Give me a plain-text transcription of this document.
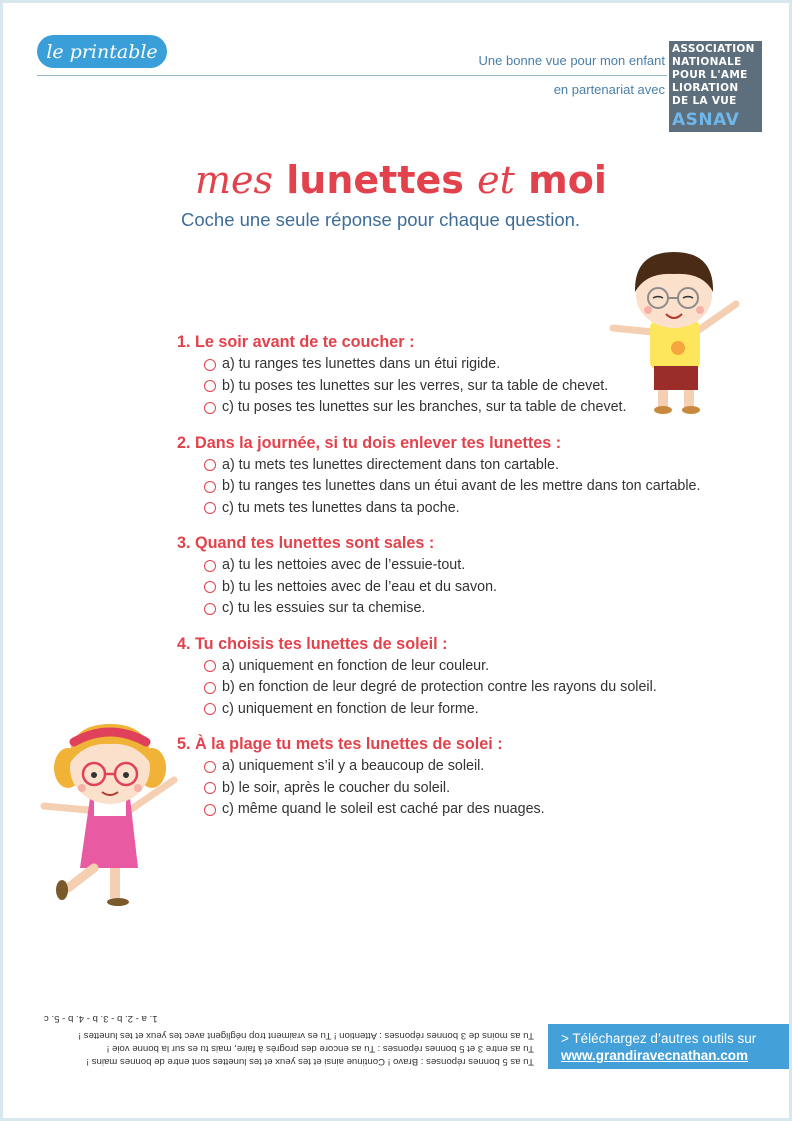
le printable	Une bonne vue pour mon enfant
en partenariat avec
ASSOCIATION
NATIONALE
POUR L'AME
LIORATION
DE LA VUE
ASNAV
mes lunettes et moi
Coche une seule réponse pour chaque question.
1. Le soir avant de te coucher :
a) tu ranges tes lunettes dans un étui rigide.
b) tu poses tes lunettes sur les verres, sur ta table de chevet.
c) tu poses tes lunettes sur les branches, sur ta table de chevet.
2. Dans la journée, si tu dois enlever tes lunettes :
a) tu mets tes lunettes directement dans ton cartable.
b) tu ranges tes lunettes dans un étui avant de les mettre dans ton cartable.
c) tu mets tes lunettes dans ta poche.
3. Quand tes lunettes sont sales :
a) tu les nettoies avec de l’essuie-tout.
b) tu les nettoies avec de l’eau et du savon.
c) tu les essuies sur ta chemise.
4. Tu choisis tes lunettes de soleil :
a) uniquement en fonction de leur couleur.
b) en fonction de leur degré de protection contre les rayons du soleil.
c) uniquement en fonction de leur forme.
5. À la plage tu mets tes lunettes de solei :
a) uniquement s’il y a beaucoup de soleil.
b) le soir, après le coucher du soleil.
c) même quand le soleil est caché par des nuages.
Tu as 5 bonnes réponses : Bravo ! Continue ainsi et tes yeux et tes lunettes sont entre de bonnes mains !
Tu as entre 3 et 5 bonnes réponses : Tu as encore des progrès à faire, mais tu es sur la bonne voie !
Tu as moins de 3 bonnes réponses : Attention ! Tu es vraiment trop négligent avec tes yeux et tes lunettes !
1. a - 2. b - 3. b - 4. b - 5. c
> Téléchargez d’autres outils sur
www.grandiravecnathan.com
